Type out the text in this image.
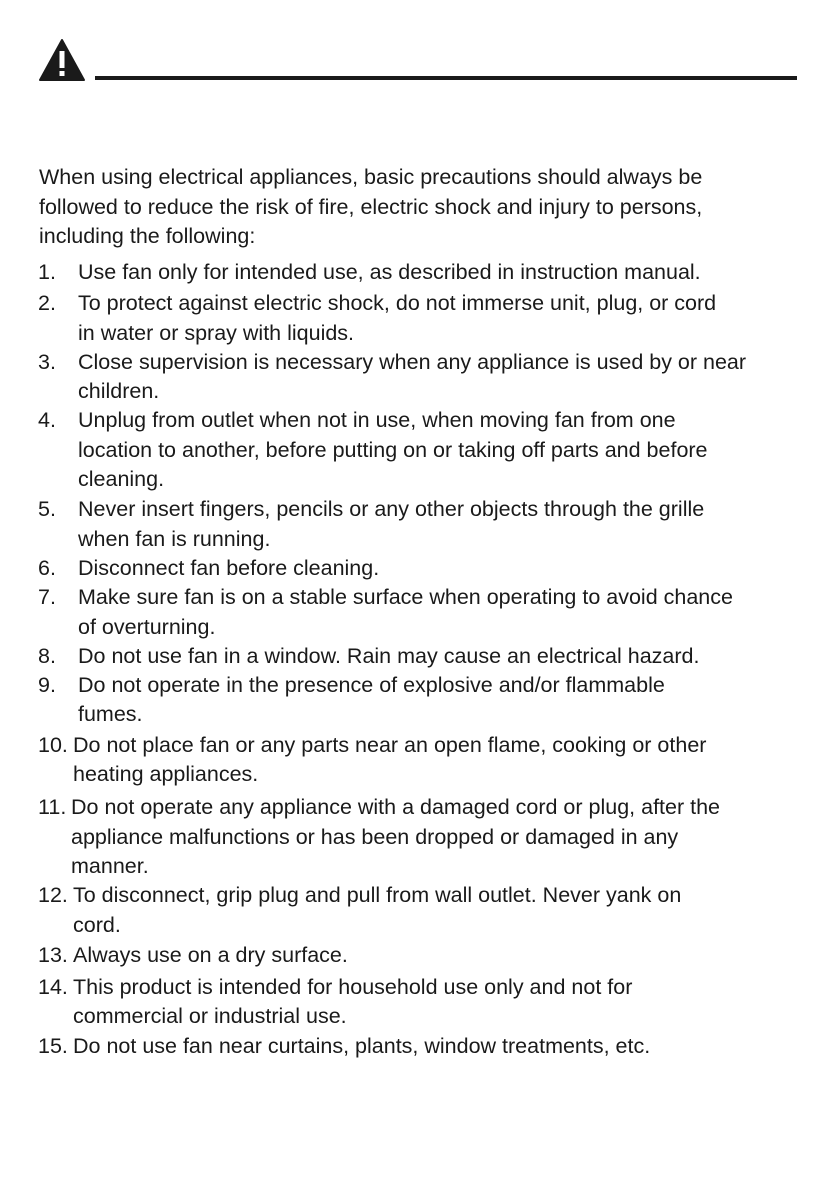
When using electrical appliances, basic precautions should always be
followed to reduce the risk of fire, electric shock and injury to persons,
including the following:
1. Use fan only for intended use, as described in instruction manual.
2. To protect against electric shock, do not immerse unit, plug, or cord
in water or spray with liquids.
3. Close supervision is necessary when any appliance is used by or near
children.
4. Unplug from outlet when not in use, when moving fan from one
location to another, before putting on or taking off parts and before
cleaning.
5. Never insert fingers, pencils or any other objects through the grille
when fan is running.
6. Disconnect fan before cleaning.
7. Make sure fan is on a stable surface when operating to avoid chance
of overturning.
8. Do not use fan in a window. Rain may cause an electrical hazard.
9. Do not operate in the presence of explosive and/or flammable
fumes.
10. Do not place fan or any parts near an open flame, cooking or other
heating appliances.
11. Do not operate any appliance with a damaged cord or plug, after the
appliance malfunctions or has been dropped or damaged in any
manner.
12. To disconnect, grip plug and pull from wall outlet. Never yank on
cord.
13. Always use on a dry surface.
14. This product is intended for household use only and not for
commercial or industrial use.
15. Do not use fan near curtains, plants, window treatments, etc.
